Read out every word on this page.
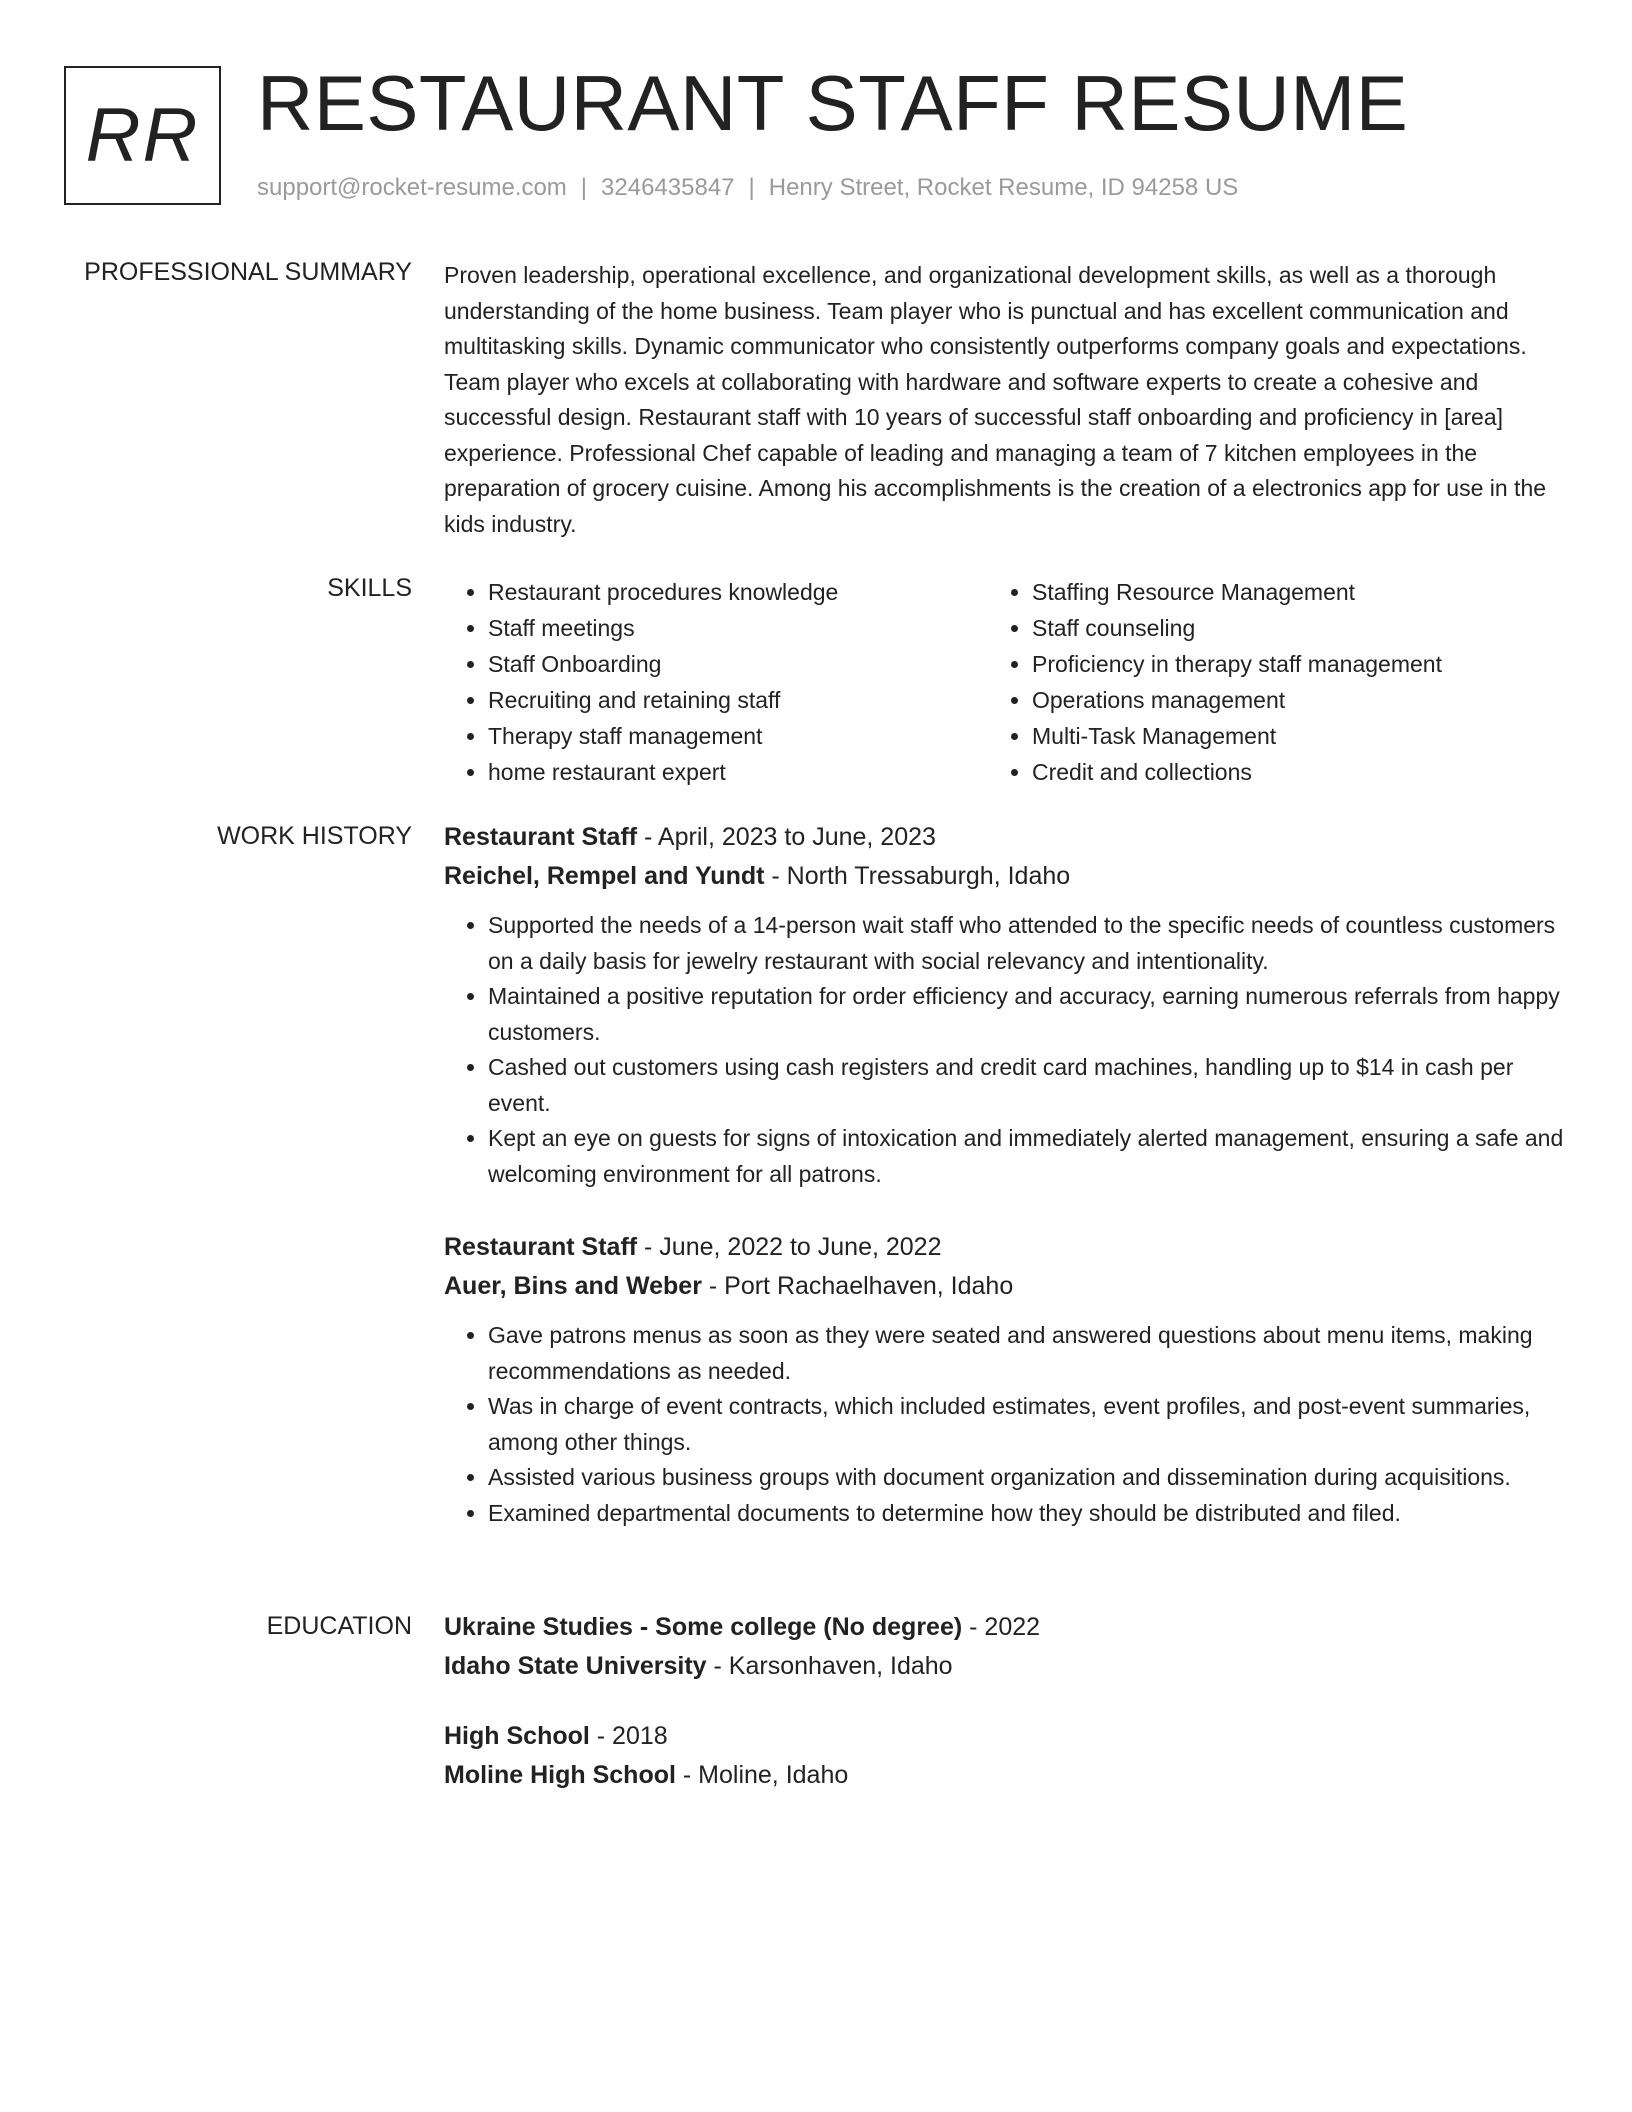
RR RESTAURANT STAFF RESUME
support@rocket-resume.com | 3246435847 | Henry Street, Rocket Resume, ID 94258 US
PROFESSIONAL SUMMARY Proven leadership, operational excellence, and organizational development skills, as well as a thorough understanding of the home business. Team player who is punctual and has excellent communication and multitasking skills. Dynamic communicator who consistently outperforms company goals and expectations. Team player who excels at collaborating with hardware and software experts to create a cohesive and successful design. Restaurant staff with 10 years of successful staff onboarding and proficiency in [area] experience. Professional Chef capable of leading and managing a team of 7 kitchen employees in the preparation of grocery cuisine. Among his accomplishments is the creation of a electronics app for use in the kids industry.

SKILLS
•	Restaurant procedures knowledge
• Staff meetings
• Staff Onboarding
• Recruiting and retaining staff
• Therapy staff management
• home restaurant expert
• Staffing Resource Management
• Staff counseling
• Proficiency in therapy staff management
• Operations management
• Multi-Task Management
• Credit and collections
WORK HISTORY Restaurant Staff - April, 2023 to June, 2023
Reichel, Rempel and Yundt - North Tressaburgh, Idaho
• Supported the needs of a 14-person wait staff who attended to the specific needs of countless customers on a daily basis for jewelry restaurant with social relevancy and intentionality.
• Maintained a positive reputation for order efficiency and accuracy, earning numerous referrals from happy customers.
• Cashed out customers using cash registers and credit card machines, handling up to $14 in cash per event.
• Kept an eye on guests for signs of intoxication and immediately alerted management, ensuring a safe and welcoming environment for all patrons.
Restaurant Staff - June, 2022 to June, 2022
Auer, Bins and Weber - Port Rachaelhaven, Idaho
• Gave patrons menus as soon as they were seated and answered questions about menu items, making recommendations as needed.
• Was in charge of event contracts, which included estimates, event profiles, and post-event summaries, among other things.
• Assisted various business groups with document organization and dissemination during acquisitions.
• Examined departmental documents to determine how they should be distributed and filed.
EDUCATION Ukraine Studies - Some college (No degree) - 2022
Idaho State University - Karsonhaven, Idaho
High School - 2018
Moline High School - Moline, Idaho
